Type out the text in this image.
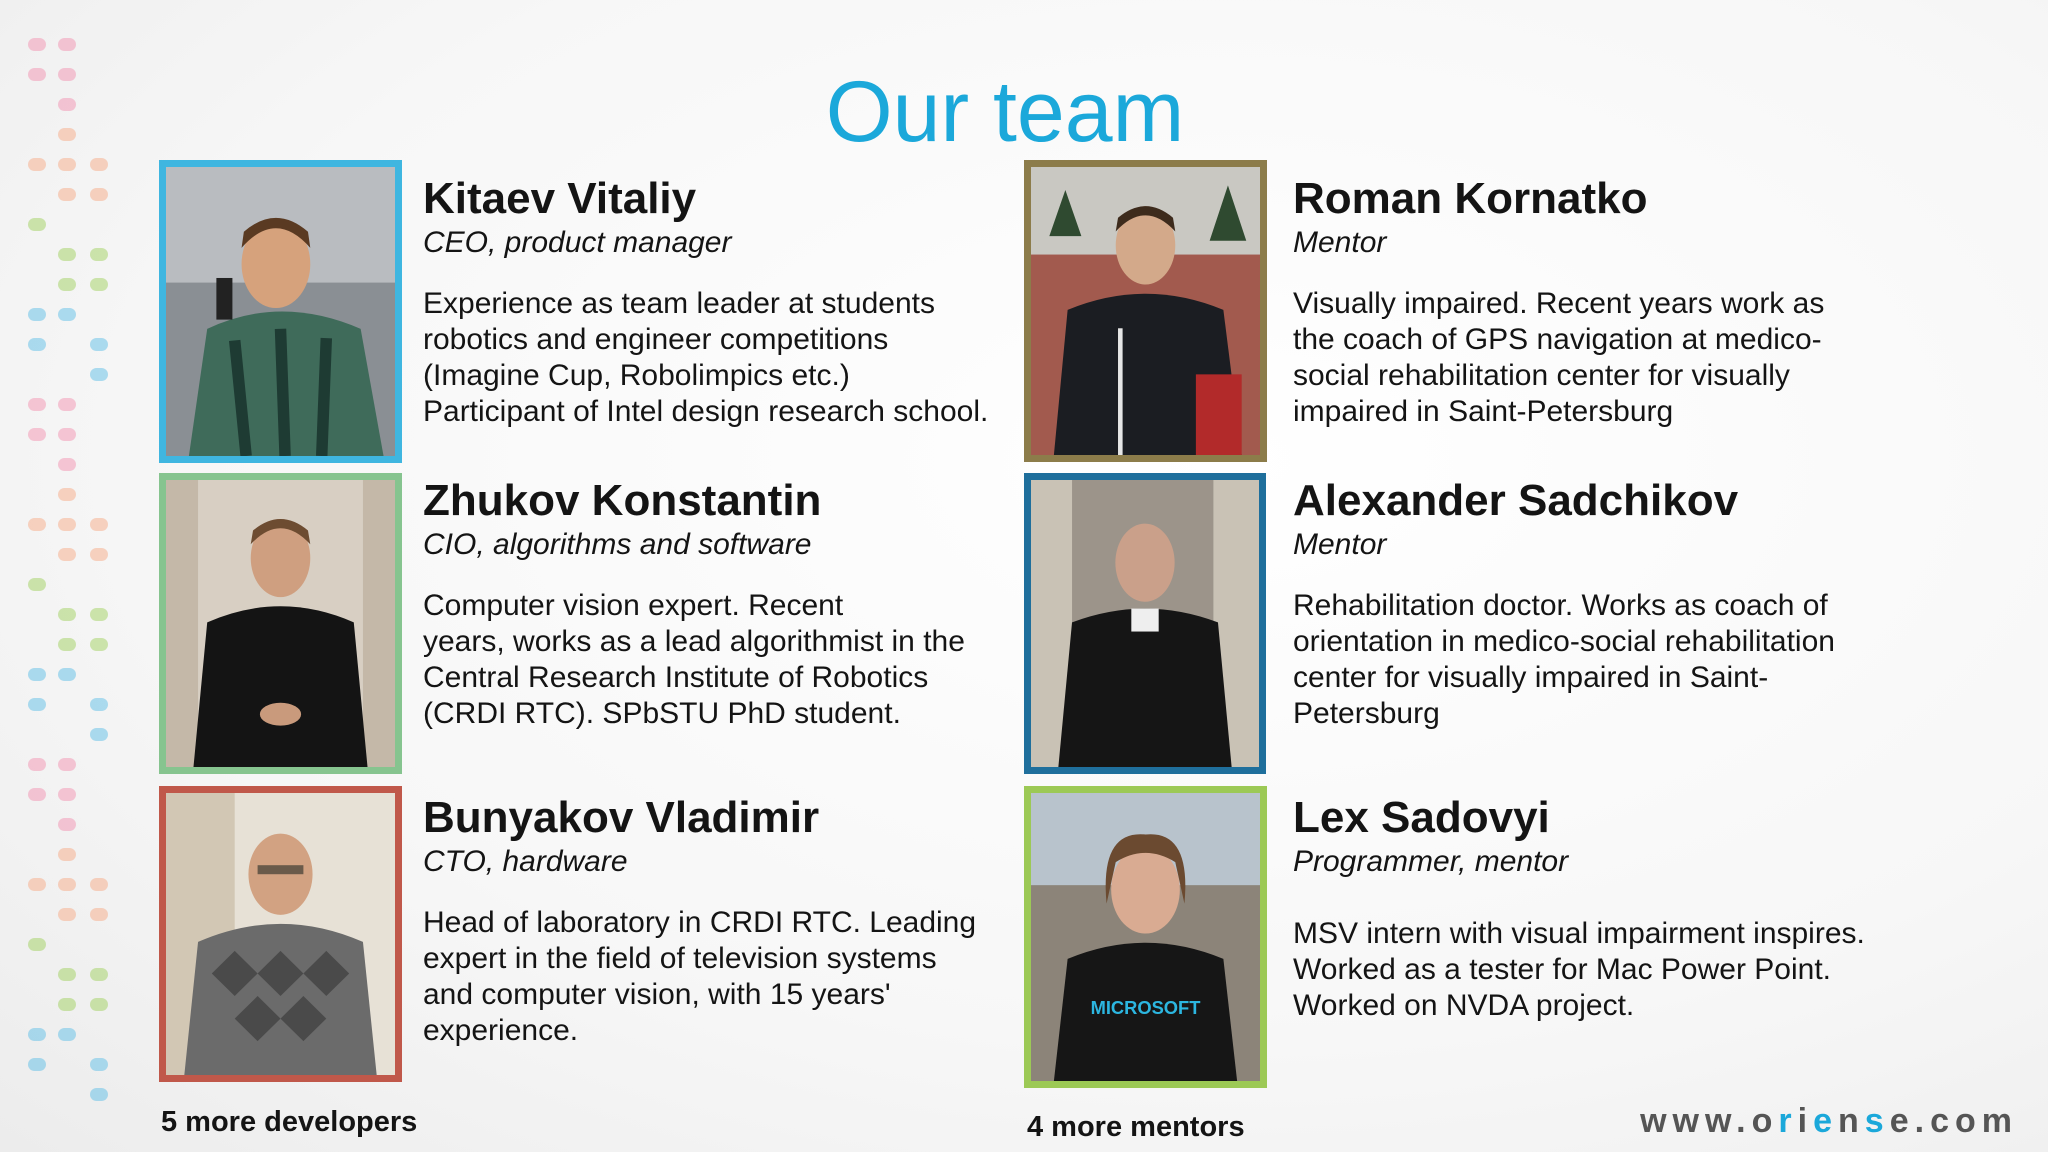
Our team
Kitaev Vitaliy
CEO, product manager
Experience as team leader at students
robotics and engineer competitions
(Imagine Cup, Robolimpics etc.)
Participant of Intel design research school.
Zhukov Konstantin
CIO, algorithms and software
Computer vision expert. Recent
years, works as a lead algorithmist in the
Central Research Institute of Robotics
(CRDI RTC). SPbSTU PhD student.
Bunyakov Vladimir
CTO, hardware
Head of laboratory in CRDI RTC. Leading
expert in the field of television systems
and computer vision, with 15 years'
experience.
Roman Kornatko
Mentor
Visually impaired. Recent years work as
the coach of GPS navigation at medico-
social rehabilitation center for visually
impaired in Saint-Petersburg
Alexander Sadchikov
Mentor
Rehabilitation doctor. Works as coach of
orientation in medico-social rehabilitation
center for visually impaired in Saint-
Petersburg
MICROSOFT
Lex Sadovyi
Programmer, mentor
MSV intern with visual impairment inspires.
Worked as a tester for Mac Power Point.
Worked on NVDA project.
5 more developers	4 more mentors	www.oriense.com
